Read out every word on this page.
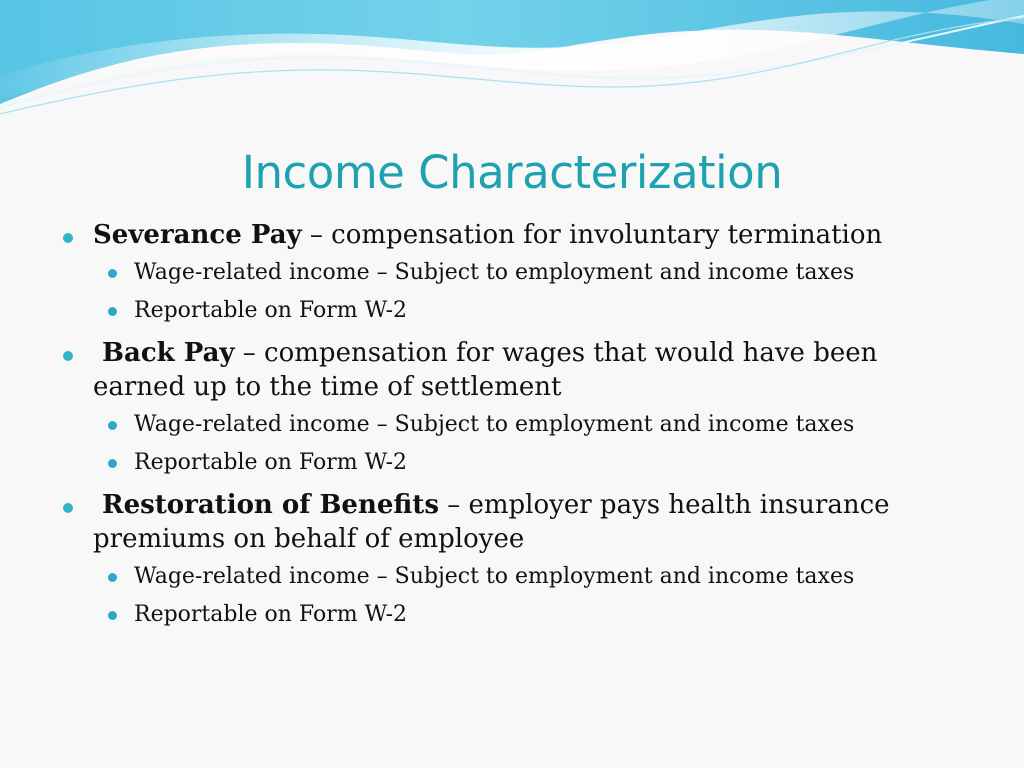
Income Characterization

Severance Pay – compensation for involuntary termination

Wage-related income – Subject to employment and income taxes
Reportable on Form W-2

Back Pay – compensation for wages that would have been earned up to the time of settlement

Wage-related income – Subject to employment and income taxes
Reportable on Form W-2

Restoration of Benefits – employer pays health insurance premiums on behalf of employee

Wage-related income – Subject to employment and income taxes
Reportable on Form W-2
